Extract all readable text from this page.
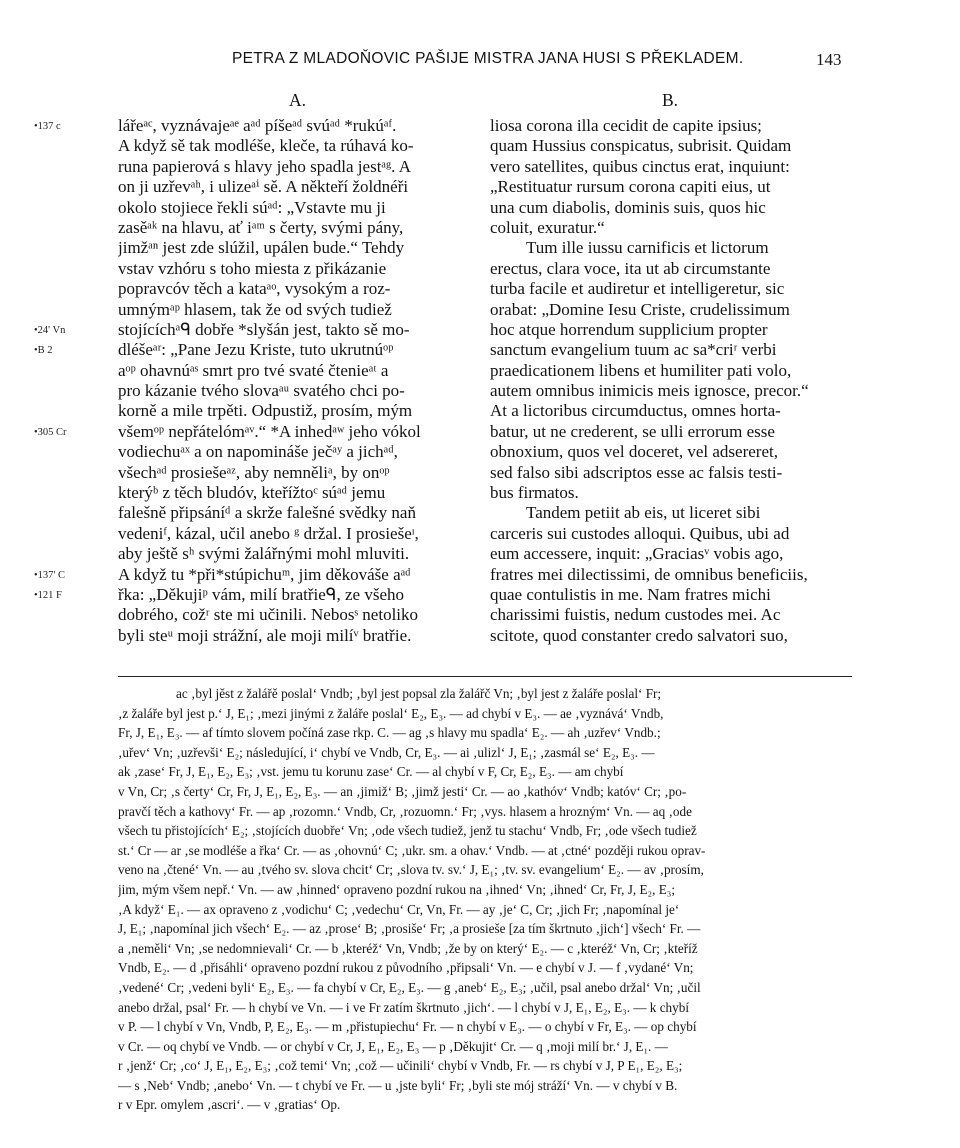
PETRA Z MLADOŇOVIC PAŠIJE MISTRA JANA HUSI S PŘEKLADEM.	143
A.	B.
•137 c
•24' Vn
•B 2
•305 Cr
•137' C
•121 F
lářeᵃᶜ, vyznávajeᵃᵉ aᵃᵈ píšeᵃᵈ svúᵃᵈ *rukúᵃᶠ.
A když sě tak modléše, kleče, ta rúhavá ko-
runa papierová s hlavy jeho spadla jestᵃᵍ. A
on ji uzřevᵃʰ, i ulizeᵃⁱ sě. A někteří žoldnéři
okolo stojiece řekli súᵃᵈ: „Vstavte mu ji
zasěᵃᵏ na hlavu, ať iᵃᵐ s čerty, svými pány,
jimžᵃⁿ jest zde slúžil, upálen bude.“ Tehdy
vstav vzhóru s toho miesta z přikázanie
popravcóv těch a kataᵃᵒ, vysokým a roz-
umnýmᵃᵖ hlasem, tak že od svých tudiež
stojícíchᵃᑫ dobře *slyšán jest, takto sě mo-
dléšeᵃʳ: „Pane Jezu Kriste, tuto ukrutnúᵒᵖ
aᵒᵖ ohavnúᵃˢ smrt pro tvé svaté čtenieᵃᵗ a
pro kázanie tvého slovaᵃᵘ svatého chci po-
korně a mile trpěti. Odpustiž, prosím, mým
všemᵒᵖ nepřátelómᵃᵛ.“ *A inhedᵃʷ jeho vókol
vodiechuᵃˣ a on napomináše ječᵃʸ a jichᵃᵈ,
všechᵃᵈ prosiešeᵃᶻ, aby nemněliᵃ, by onᵒᵖ
kterýᵇ z těch bludóv, kteřížtoᶜ súᵃᵈ jemu
falešně připsáníᵈ a skrže falešné svědky naň
vedeniᶠ, kázal, učil anebo ᵍ držal. I prosiešeᶦ,
aby ještě sʰ svými žalářnými mohl mluviti.
A když tu *při*stúpichuᵐ, jim děkováše aᵃᵈ
řka: „Děkujiᵖ vám, milí bratřieᑫ, ze všeho
dobrého, cožʳ ste mi učinili. Nebosˢ netoliko
byli steᵘ moji strážní, ale moji milíᵛ bratřie.
liosa corona illa cecidit de capite ipsius;
quam Hussius conspicatus, subrisit. Quidam
vero satellites, quibus cinctus erat, inquiunt:
„Restituatur rursum corona capiti eius, ut
una cum diabolis, dominis suis, quos hic
coluit, exuratur.“
Tum ille iussu carnificis et lictorum
erectus, clara voce, ita ut ab circumstante
turba facile et audiretur et intelligeretur, sic
orabat: „Domine Iesu Criste, crudelissimum
hoc atque horrendum supplicium propter
sanctum evangelium tuum ac sa*criʳ verbi
praedicationem libens et humiliter pati volo,
autem omnibus inimicis meis ignosce, precor.“
At a lictoribus circumductus, omnes horta-
batur, ut ne crederent, se ulli errorum esse
obnoxium, quos vel doceret, vel adsereret,
sed falso sibi adscriptos esse ac falsis testi-
bus firmatos.
Tandem petiit ab eis, ut liceret sibi
carceris sui custodes alloqui. Quibus, ubi ad
eum accessere, inquit: „Graciasᵛ vobis ago,
fratres mei dilectissimi, de omnibus beneficiis,
quae contulistis in me. Nam fratres michi
charissimi fuistis, nedum custodes mei. Ac
scitote, quod constanter credo salvatori suo,
ac ‚byl jěst z žalářě poslal‘ Vndb; ‚byl jest popsal zla žalářč Vn; ‚byl jest z žaláře poslal‘ Fr;
‚z žaláře byl jest p.‘ J, E₁; ‚mezi jinými z žaláře poslal‘ E₂, E₃. — ad chybí v E₃. — ae ‚vyznává‘ Vndb,
Fr, J, E₁, E₃. — af tímto slovem počíná zase rkp. C. — ag ‚s hlavy mu spadla‘ E₂. — ah ‚uzřev‘ Vndb.;
‚uřev‘ Vn; ‚uzřevši‘ E₂; následující, i‘ chybí ve Vndb, Cr, E₃. — ai ‚ulizl‘ J, E₁; ‚zasmál se‘ E₂, E₃. —
ak ‚zase‘ Fr, J, E₁, E₂, E₃; ‚vst. jemu tu korunu zase‘ Cr. — al chybí v F, Cr, E₂, E₃. — am chybí
v Vn, Cr; ‚s čerty‘ Cr, Fr, J, E₁, E₂, E₃. — an ‚jimiž‘ B; ‚jimž jesti‘ Cr. — ao ‚kathóv‘ Vndb; katóv‘ Cr; ‚po-
pravčí těch a kathovy‘ Fr. — ap ‚rozomn.‘ Vndb, Cr, ‚rozuomn.‘ Fr; ‚vys. hlasem a hrozným‘ Vn. — aq ‚ode
všech tu přistojících‘ E₂; ‚stojících duobře‘ Vn; ‚ode všech tudiež, jenž tu stachu‘ Vndb, Fr; ‚ode všech tudiež
st.‘ Cr — ar ‚se modléše a řka‘ Cr. — as ‚ohovnú‘ C; ‚ukr. sm. a ohav.‘ Vndb. — at ‚ctné‘ později rukou oprav-
veno na ‚čtené‘ Vn. — au ‚tvého sv. slova chcit‘ Cr; ‚slova tv. sv.‘ J, E₁; ‚tv. sv. evangelium‘ E₂. — av ‚prosím,
jim, mým všem nepř.‘ Vn. — aw ‚hinned‘ opraveno pozdní rukou na ‚ihned‘ Vn; ‚ihned‘ Cr, Fr, J, E₂, E₃;
‚A když‘ E₁. — ax opraveno z ‚vodichu‘ C; ‚vedechu‘ Cr, Vn, Fr. — ay ‚je‘ C, Cr; ‚jich Fr; ‚napomínal je‘
J, E₁; ‚napomínal jich všech‘ E₂. — az ‚prose‘ B; ‚prosiše‘ Fr; ‚a prosieše [za tím škrtnuto ‚jich‘] všech‘ Fr. —
a ‚neměli‘ Vn; ‚se nedomnievali‘ Cr. — b ‚kteréž‘ Vn, Vndb; ‚že by on který‘ E₂. — c ‚kteréž‘ Vn, Cr; ‚kteříž
Vndb, E₂. — d ‚přisáhli‘ opraveno pozdní rukou z původního ‚připsali‘ Vn. — e chybí v J. — f ‚vydané‘ Vn;
‚vedené‘ Cr; ‚vedeni byli‘ E₂, E₃. — fa chybí v Cr, E₂, E₃. — g ‚aneb‘ E₂, E₃; ‚učil, psal anebo držal‘ Vn; ‚učil
anebo držal, psal‘ Fr. — h chybí ve Vn. — i ve Fr zatím škrtnuto ‚jich‘. — l chybí v J, E₁, E₂, E₃. — k chybí
v P. — l chybí v Vn, Vndb, P, E₂, E₃. — m ‚přistupiechu‘ Fr. — n chybí v E₃. — o chybí v Fr, E₃. — op chybí
v Cr. — oq chybí ve Vndb. — or chybí v Cr, J, E₁, E₂, E₃ — p ‚Děkujit‘ Cr. — q ‚moji milí br.‘ J, E₁. —
r ‚jenž‘ Cr; ‚co‘ J, E₁, E₂, E₃; ‚což temi‘ Vn; ‚což — učinili‘ chybí v Vndb, Fr. — rs chybí v J, P E₁, E₂, E₃;
— s ‚Neb‘ Vndb; ‚anebo‘ Vn. — t chybí ve Fr. — u ‚jste byli‘ Fr; ‚byli ste mój stráží‘ Vn. — v chybí v B.
r v Epr. omylem ‚ascri‘. — v ‚gratias‘ Op.
